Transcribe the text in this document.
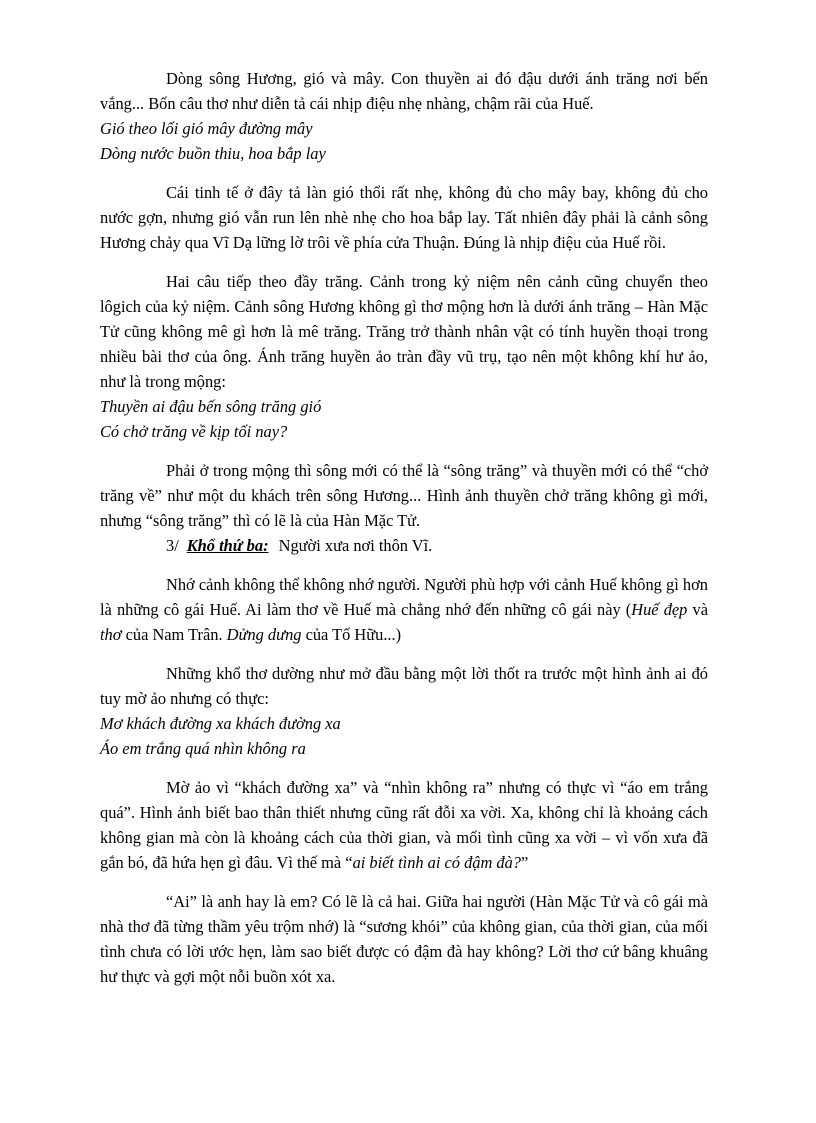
Dòng sông Hương, gió và mây. Con thuyền ai đó đậu dưới ánh trăng nơi bến vắng... Bốn câu thơ như diễn tả cái nhịp điệu nhẹ nhàng, chậm rãi của Huế.

Gió theo lối gió mây đường mây

Dòng nước buồn thiu, hoa bắp lay

Cái tinh tế ở đây tả làn gió thổi rất nhẹ, không đủ cho mây bay, không đủ cho nước gợn, nhưng gió vẫn run lên nhè nhẹ cho hoa bắp lay. Tất nhiên đây phải là cảnh sông Hương chảy qua Vĩ Dạ lững lờ trôi về phía cửa Thuận. Đúng là nhịp điệu của Huế rồi.

Hai câu tiếp theo đầy trăng. Cảnh trong kỷ niệm nên cảnh cũng chuyển theo lôgich của kỷ niệm. Cảnh sông Hương không gì thơ mộng hơn là dưới ánh trăng – Hàn Mặc Tử cũng không mê gì hơn là mê trăng. Trăng trở thành nhân vật có tính huyền thoại trong nhiều bài thơ của ông. Ánh trăng huyền ảo tràn đầy vũ trụ, tạo nên một không khí hư ảo, như là trong mộng:

Thuyền ai đậu bến sông trăng gió

Có chở trăng về kịp tối nay?

Phải ở trong mộng thì sông mới có thể là “sông trăng” và thuyền mới có thể “chở trăng về” như một du khách trên sông Hương... Hình ảnh thuyền chở trăng không gì mới, nhưng “sông trăng” thì có lẽ là của Hàn Mặc Tử.

3/ Khổ thứ ba: Người xưa nơi thôn Vĩ.

Nhớ cảnh không thể không nhớ người. Người phù hợp với cảnh Huế không gì hơn là những cô gái Huế. Ai làm thơ về Huế mà chẳng nhớ đến những cô gái này (Huế đẹp và thơ của Nam Trân. Dửng dưng của Tố Hữu...)

Những khổ thơ dường như mở đầu bằng một lời thốt ra trước một hình ảnh ai đó tuy mờ ảo nhưng có thực:

Mơ khách đường xa khách đường xa

Áo em trắng quá nhìn không ra

Mờ ảo vì “khách đường xa” và “nhìn không ra” nhưng có thực vì “áo em trắng quá”. Hình ảnh biết bao thân thiết nhưng cũng rất đỗi xa vời. Xa, không chỉ là khoảng cách không gian mà còn là khoảng cách của thời gian, và mối tình cũng xa vời – vì vốn xưa đã gắn bó, đã hứa hẹn gì đâu. Vì thế mà “ai biết tình ai có đậm đà?”

“Ai” là anh hay là em? Có lẽ là cả hai. Giữa hai người (Hàn Mặc Tử và cô gái mà nhà thơ đã từng thầm yêu trộm nhớ) là “sương khói” của không gian, của thời gian, của mối tình chưa có lời ước hẹn, làm sao biết được có đậm đà hay không? Lời thơ cứ bâng khuâng hư thực và gợi một nỗi buồn xót xa.
